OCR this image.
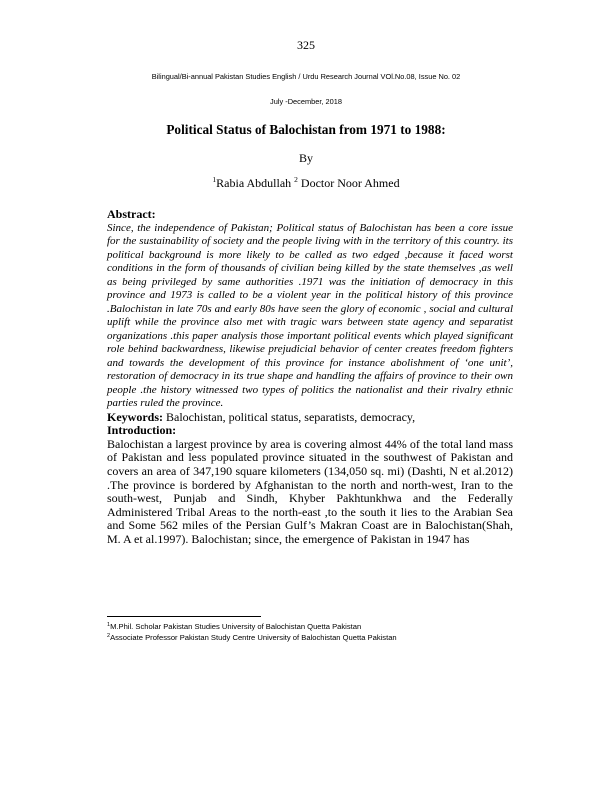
325
Bilingual/Bi-annual Pakistan Studies English / Urdu Research Journal VOl.No.08, Issue No. 02
July -December, 2018
Political Status of Balochistan from 1971 to 1988:
By
$^1$Rabia Abdullah $^2$ Doctor Noor Ahmed
Abstract:
Since, the independence of Pakistan; Political status of Balochistan has been a core issue for the sustainability of society and the people living with in the territory of this country. its political background is more likely to be called as two edged ,because it faced worst conditions in the form of thousands of civilian being killed by the state themselves ,as well as being privileged by same authorities .1971 was the initiation of democracy in this province and 1973 is called to be a violent year in the political history of this province .Balochistan in late 70s and early 80s have seen the glory of economic , social and cultural uplift while the province also met with tragic wars between state agency and separatist organizations .this paper analysis those important political events which played significant role behind backwardness, likewise prejudicial behavior of center creates freedom fighters and towards the development of this province for instance abolishment of ‘one unit’, restoration of democracy in its true shape and handling the affairs of province to their own people .the history witnessed two types of politics the nationalist and their rivalry ethnic parties ruled the province.
Keywords: Balochistan, political status, separatists, democracy,
Introduction:
Balochistan a largest province by area is covering almost 44% of the total land mass of Pakistan and less populated province situated in the southwest of Pakistan and covers an area of 347,190 square kilometers (134,050 sq. mi) (Dashti, N et al.2012) .The province is bordered by Afghanistan to the north and north-west, Iran to the south-west, Punjab and Sindh, Khyber Pakhtunkhwa and the Federally Administered Tribal Areas to the north-east ,to the south it lies to the Arabian Sea and Some 562 miles of the Persian Gulf’s Makran Coast are in Balochistan(Shah, M. A et al.1997). Balochistan; since, the emergence of Pakistan in 1947 has
$^1$M.Phil. Scholar Pakistan Studies University of Balochistan Quetta Pakistan
$^2$Associate Professor Pakistan Study Centre University of Balochistan Quetta Pakistan
